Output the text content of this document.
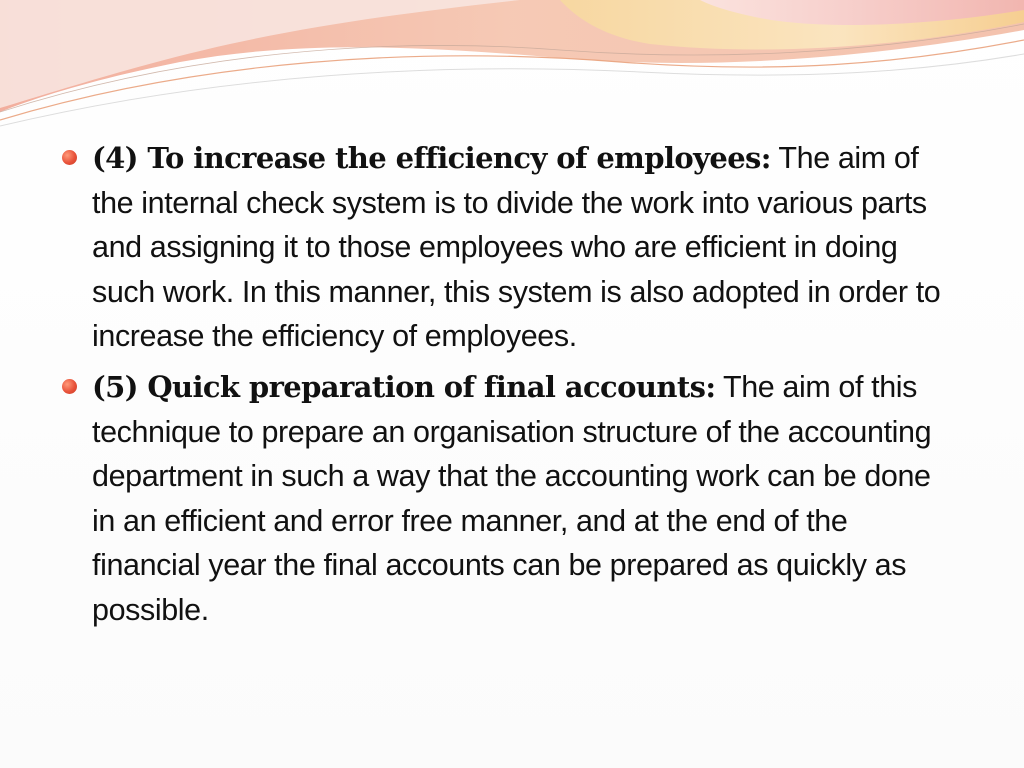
(4) To increase the efficiency of employees: The aim of the internal check system is to divide the work into various parts and assigning it to those employees who are efficient in doing such work. In this manner, this system is also adopted in order to increase the efficiency of employees.

(5) Quick preparation of final accounts: The aim of this technique to prepare an organisation structure of the accounting department in such a way that the accounting work can be done in an efficient and error free manner, and at the end of the financial year the final accounts can be prepared as quickly as possible.
